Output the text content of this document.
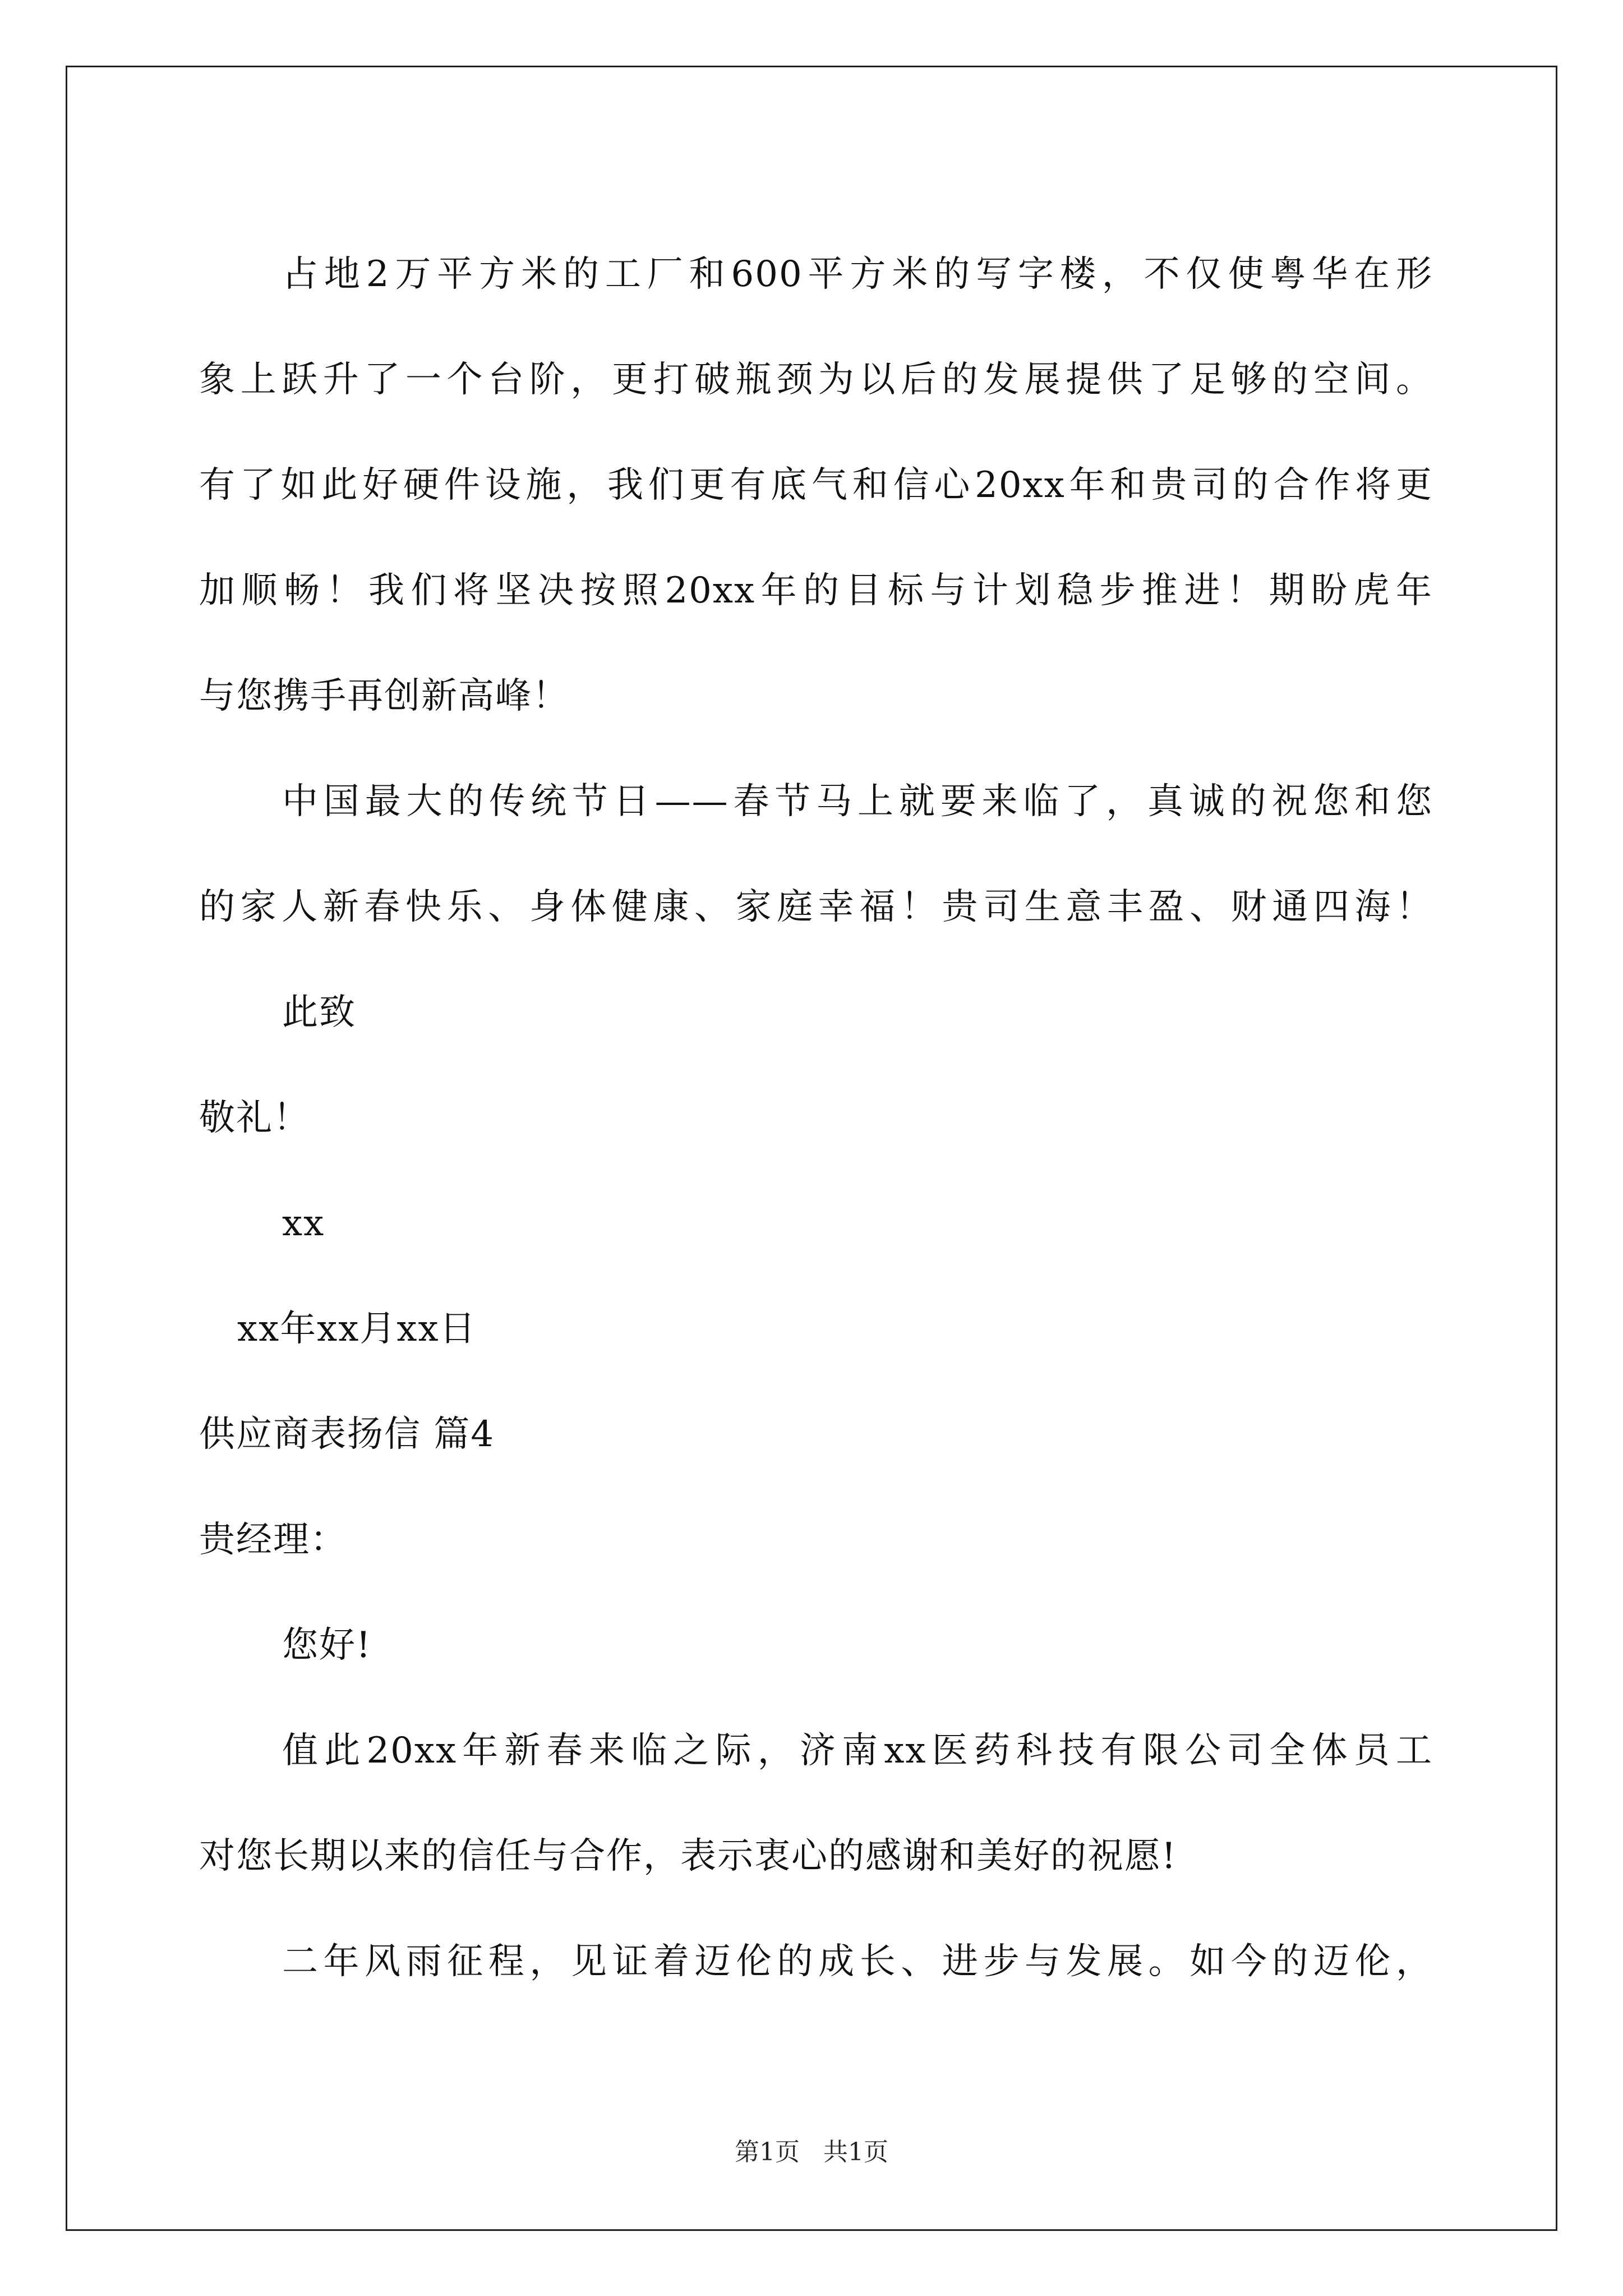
占地2万平方米的工厂和600平方米的写字楼，不仅使粤华在形
象上跃升了一个台阶，更打破瓶颈为以后的发展提供了足够的空间。
有了如此好硬件设施，我们更有底气和信心20xx年和贵司的合作将更
加顺畅！我们将坚决按照20xx年的目标与计划稳步推进！期盼虎年
与您携手再创新高峰！
中国最大的传统节日——春节马上就要来临了，真诚的祝您和您
的家人新春快乐、身体健康、家庭幸福！贵司生意丰盈、财通四海！
此致
敬礼！
xx
xx年xx月xx日
供应商表扬信 篇4
贵经理：
您好!
值此20xx年新春来临之际，济南xx医药科技有限公司全体员工
对您长期以来的信任与合作，表示衷心的感谢和美好的祝愿!
二年风雨征程，见证着迈伦的成长、进步与发展。如今的迈伦，
第1页 共1页
